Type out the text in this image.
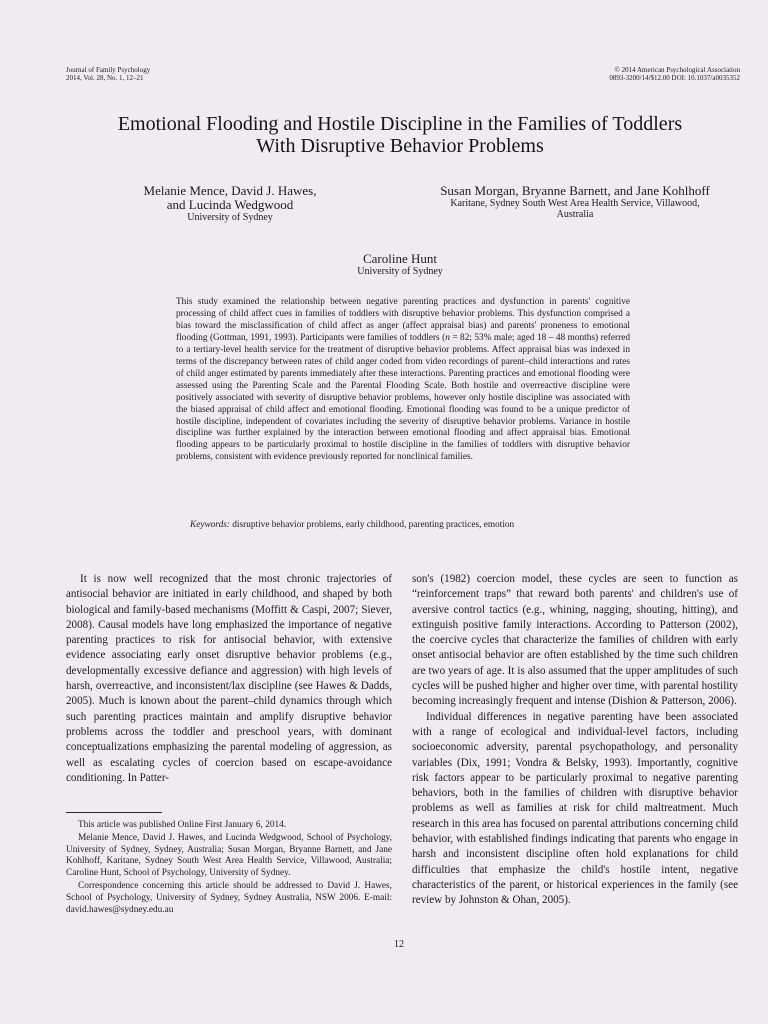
Journal of Family Psychology
2014, Vol. 28, No. 1, 12–21
© 2014 American Psychological Association
0893-3200/14/$12.00 DOI: 10.1037/a0035352
Emotional Flooding and Hostile Discipline in the Families of Toddlers
With Disruptive Behavior Problems
Melanie Mence, David J. Hawes,
and Lucinda Wedgwood
University of Sydney
Susan Morgan, Bryanne Barnett, and Jane Kohlhoff
Karitane, Sydney South West Area Health Service, Villawood,
Australia
Caroline Hunt
University of Sydney

This study examined the relationship between negative parenting practices and dysfunction in parents' cognitive processing of child affect cues in families of toddlers with disruptive behavior problems. This dysfunction comprised a bias toward the misclassification of child affect as anger (affect appraisal bias) and parents' proneness to emotional flooding (Gottman, 1991, 1993). Participants were families of toddlers (n = 82; 53% male; aged 18 – 48 months) referred to a tertiary-level health service for the treatment of disruptive behavior problems. Affect appraisal bias was indexed in terms of the discrepancy between rates of child anger coded from video recordings of parent–child interactions and rates of child anger estimated by parents immediately after these interactions. Parenting practices and emotional flooding were assessed using the Parenting Scale and the Parental Flooding Scale. Both hostile and overreactive discipline were positively associated with severity of disruptive behavior problems, however only hostile discipline was associated with the biased appraisal of child affect and emotional flooding. Emotional flooding was found to be a unique predictor of hostile discipline, independent of covariates including the severity of disruptive behavior problems. Variance in hostile discipline was further explained by the interaction between emotional flooding and affect appraisal bias. Emotional flooding appears to be particularly proximal to hostile discipline in the families of toddlers with disruptive behavior problems, consistent with evidence previously reported for nonclinical families.

Keywords: disruptive behavior problems, early childhood, parenting practices, emotion

It is now well recognized that the most chronic trajectories of antisocial behavior are initiated in early childhood, and shaped by both biological and family-based mechanisms (Moffitt & Caspi, 2007; Siever, 2008). Causal models have long emphasized the importance of negative parenting practices to risk for antisocial behavior, with extensive evidence associating early onset disruptive behavior problems (e.g., developmentally excessive defiance and aggression) with high levels of harsh, overreactive, and inconsistent/lax discipline (see Hawes & Dadds, 2005). Much is known about the parent–child dynamics through which such parenting practices maintain and amplify disruptive behavior problems across the toddler and preschool years, with dominant conceptualizations emphasizing the parental modeling of aggression, as well as escalating cycles of coercion based on escape-avoidance conditioning. In Patter-

son's (1982) coercion model, these cycles are seen to function as “reinforcement traps” that reward both parents' and children's use of aversive control tactics (e.g., whining, nagging, shouting, hitting), and extinguish positive family interactions. According to Patterson (2002), the coercive cycles that characterize the families of children with early onset antisocial behavior are often established by the time such children are two years of age. It is also assumed that the upper amplitudes of such cycles will be pushed higher and higher over time, with parental hostility becoming increasingly frequent and intense (Dishion & Patterson, 2006).

Individual differences in negative parenting have been associated with a range of ecological and individual-level factors, including socioeconomic adversity, parental psychopathology, and personality variables (Dix, 1991; Vondra & Belsky, 1993). Importantly, cognitive risk factors appear to be particularly proximal to negative parenting behaviors, both in the families of children with disruptive behavior problems as well as families at risk for child maltreatment. Much research in this area has focused on parental attributions concerning child behavior, with established findings indicating that parents who engage in harsh and inconsistent discipline often hold explanations for child difficulties that emphasize the child's hostile intent, negative characteristics of the parent, or historical experiences in the family (see review by Johnston & Ohan, 2005).

This article was published Online First January 6, 2014.

Melanie Mence, David J. Hawes, and Lucinda Wedgwood, School of Psychology, University of Sydney, Sydney, Australia; Susan Morgan, Bryanne Barnett, and Jane Kohlhoff, Karitane, Sydney South West Area Health Service, Villawood, Australia; Caroline Hunt, School of Psychology, University of Sydney.

Correspondence concerning this article should be addressed to David J. Hawes, School of Psychology, University of Sydney, Sydney Australia, NSW 2006. E-mail: david.hawes@sydney.edu.au

12
